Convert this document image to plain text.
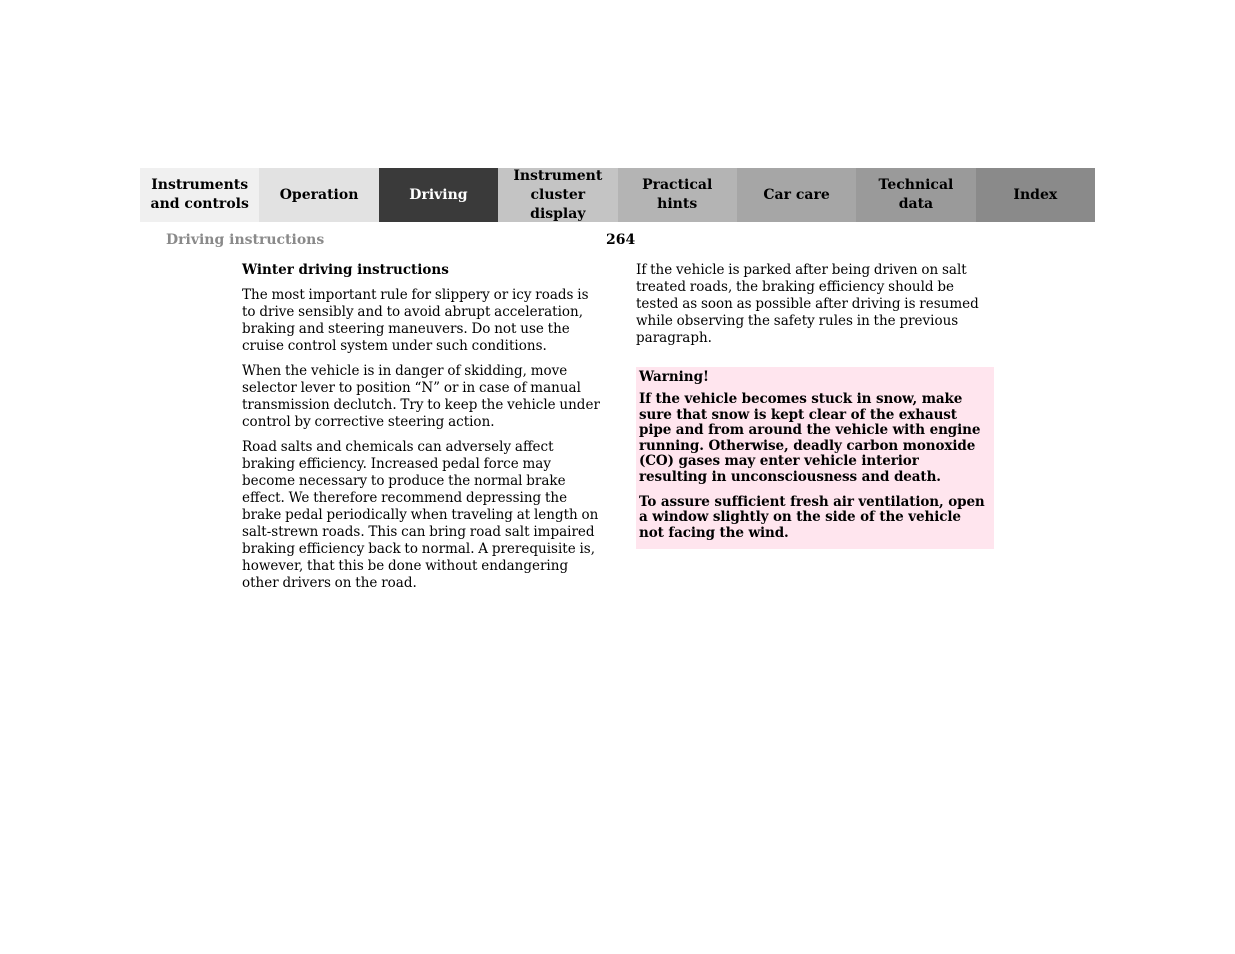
Instruments
and controls
Operation	Driving
Instrument
cluster display
Practical hints
Car care
Technical
data
Index
Driving instructions	264

Winter driving instructions

The most important rule for slippery or icy roads is to drive sensibly and to avoid abrupt acceleration, braking and steering maneuvers. Do not use the cruise control system under such conditions.

When the vehicle is in danger of skidding, move selector lever to position “N” or in case of manual transmission declutch. Try to keep the vehicle under control by corrective steering action.

Road salts and chemicals can adversely affect braking efficiency. Increased pedal force may become necessary to produce the normal brake effect. We therefore recommend depressing the brake pedal periodically when traveling at length on salt-strewn roads. This can bring road salt impaired braking efficiency back to normal. A prerequisite is, however, that this be done without endangering other drivers on the road.

If the vehicle is parked after being driven on salt treated roads, the braking efficiency should be tested as soon as possible after driving is resumed while observing the safety rules in the previous paragraph.

Warning!

If the vehicle becomes stuck in snow, make sure that snow is kept clear of the exhaust pipe and from around the vehicle with engine running. Otherwise, deadly carbon monoxide (CO) gases may enter vehicle interior resulting in unconsciousness and death.

To assure sufficient fresh air ventilation, open a window slightly on the side of the vehicle not facing the wind.
